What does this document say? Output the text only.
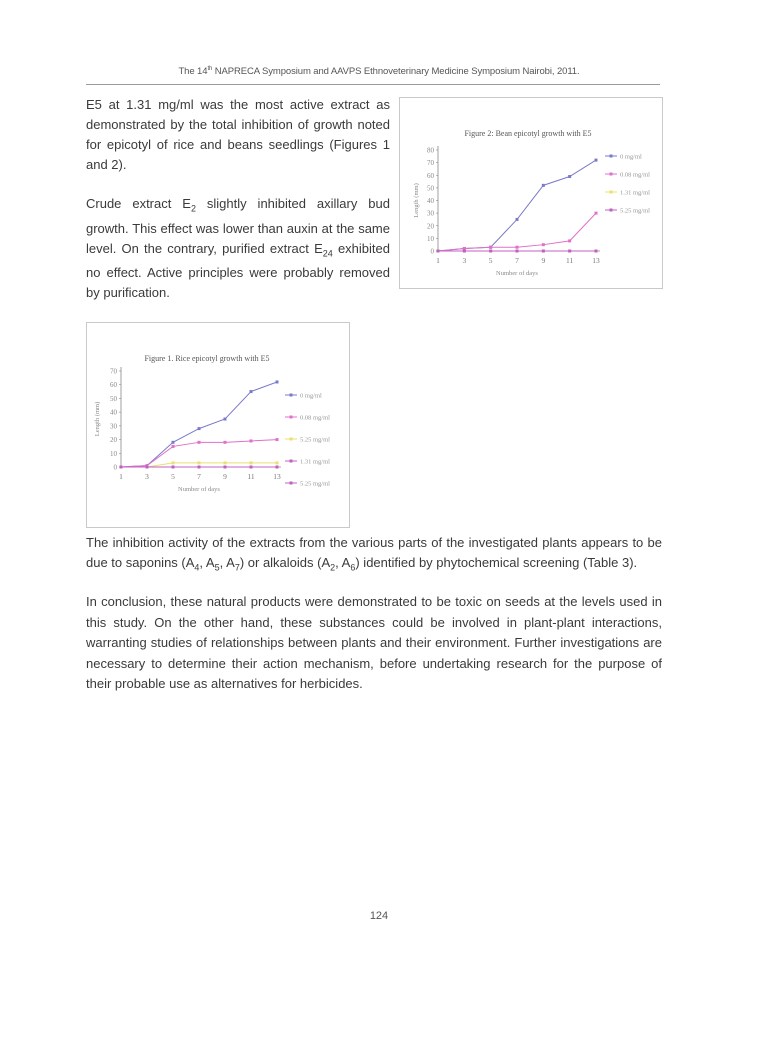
The 14th NAPRECA Symposium and AAVPS Ethnoveterinary Medicine Symposium Nairobi, 2011.
E5 at 1.31 mg/ml was the most active extract as demonstrated by the total inhibition of growth noted for epicotyl of rice and beans seedlings (Figures 1 and 2).
Crude extract $E_2$ slightly inhibited axillary bud growth. This effect was lower than auxin at the same level. On the contrary, purified extract $E_{24}$ exhibited no effect. Active principles were probably removed by purification.
Figure 2: Bean epicotyl growth with E5
0
10
20
30
40
50
60
70
80
1	3	5	7	9	11	13
Number of days
Length (mm)
0 mg/ml
0.08 mg/ml
1.31 mg/ml
5.25 mg/ml
Figure 1. Rice epicotyl growth with E5
0
10
20
30
40
50
60
70
1	3	5	7	9	11 13
Number of days
Length (mm)
0 mg/ml
0.08 mg/ml
5.25 mg/ml
1.31 mg/ml
5.25 mg/ml
The inhibition activity of the extracts from the various parts of the investigated plants appears to be due to saponins ($A_4$, $A_5$, $A_7$) or alkaloids ($A_2$, $A_6$) identified by phytochemical screening (Table 3).
In conclusion, these natural products were demonstrated to be toxic on seeds at the levels used in this study. On the other hand, these substances could be involved in plant-plant interactions, warranting studies of relationships between plants and their environment. Further investigations are necessary to determine their action mechanism, before undertaking research for the purpose of their probable use as alternatives for herbicides.
124
